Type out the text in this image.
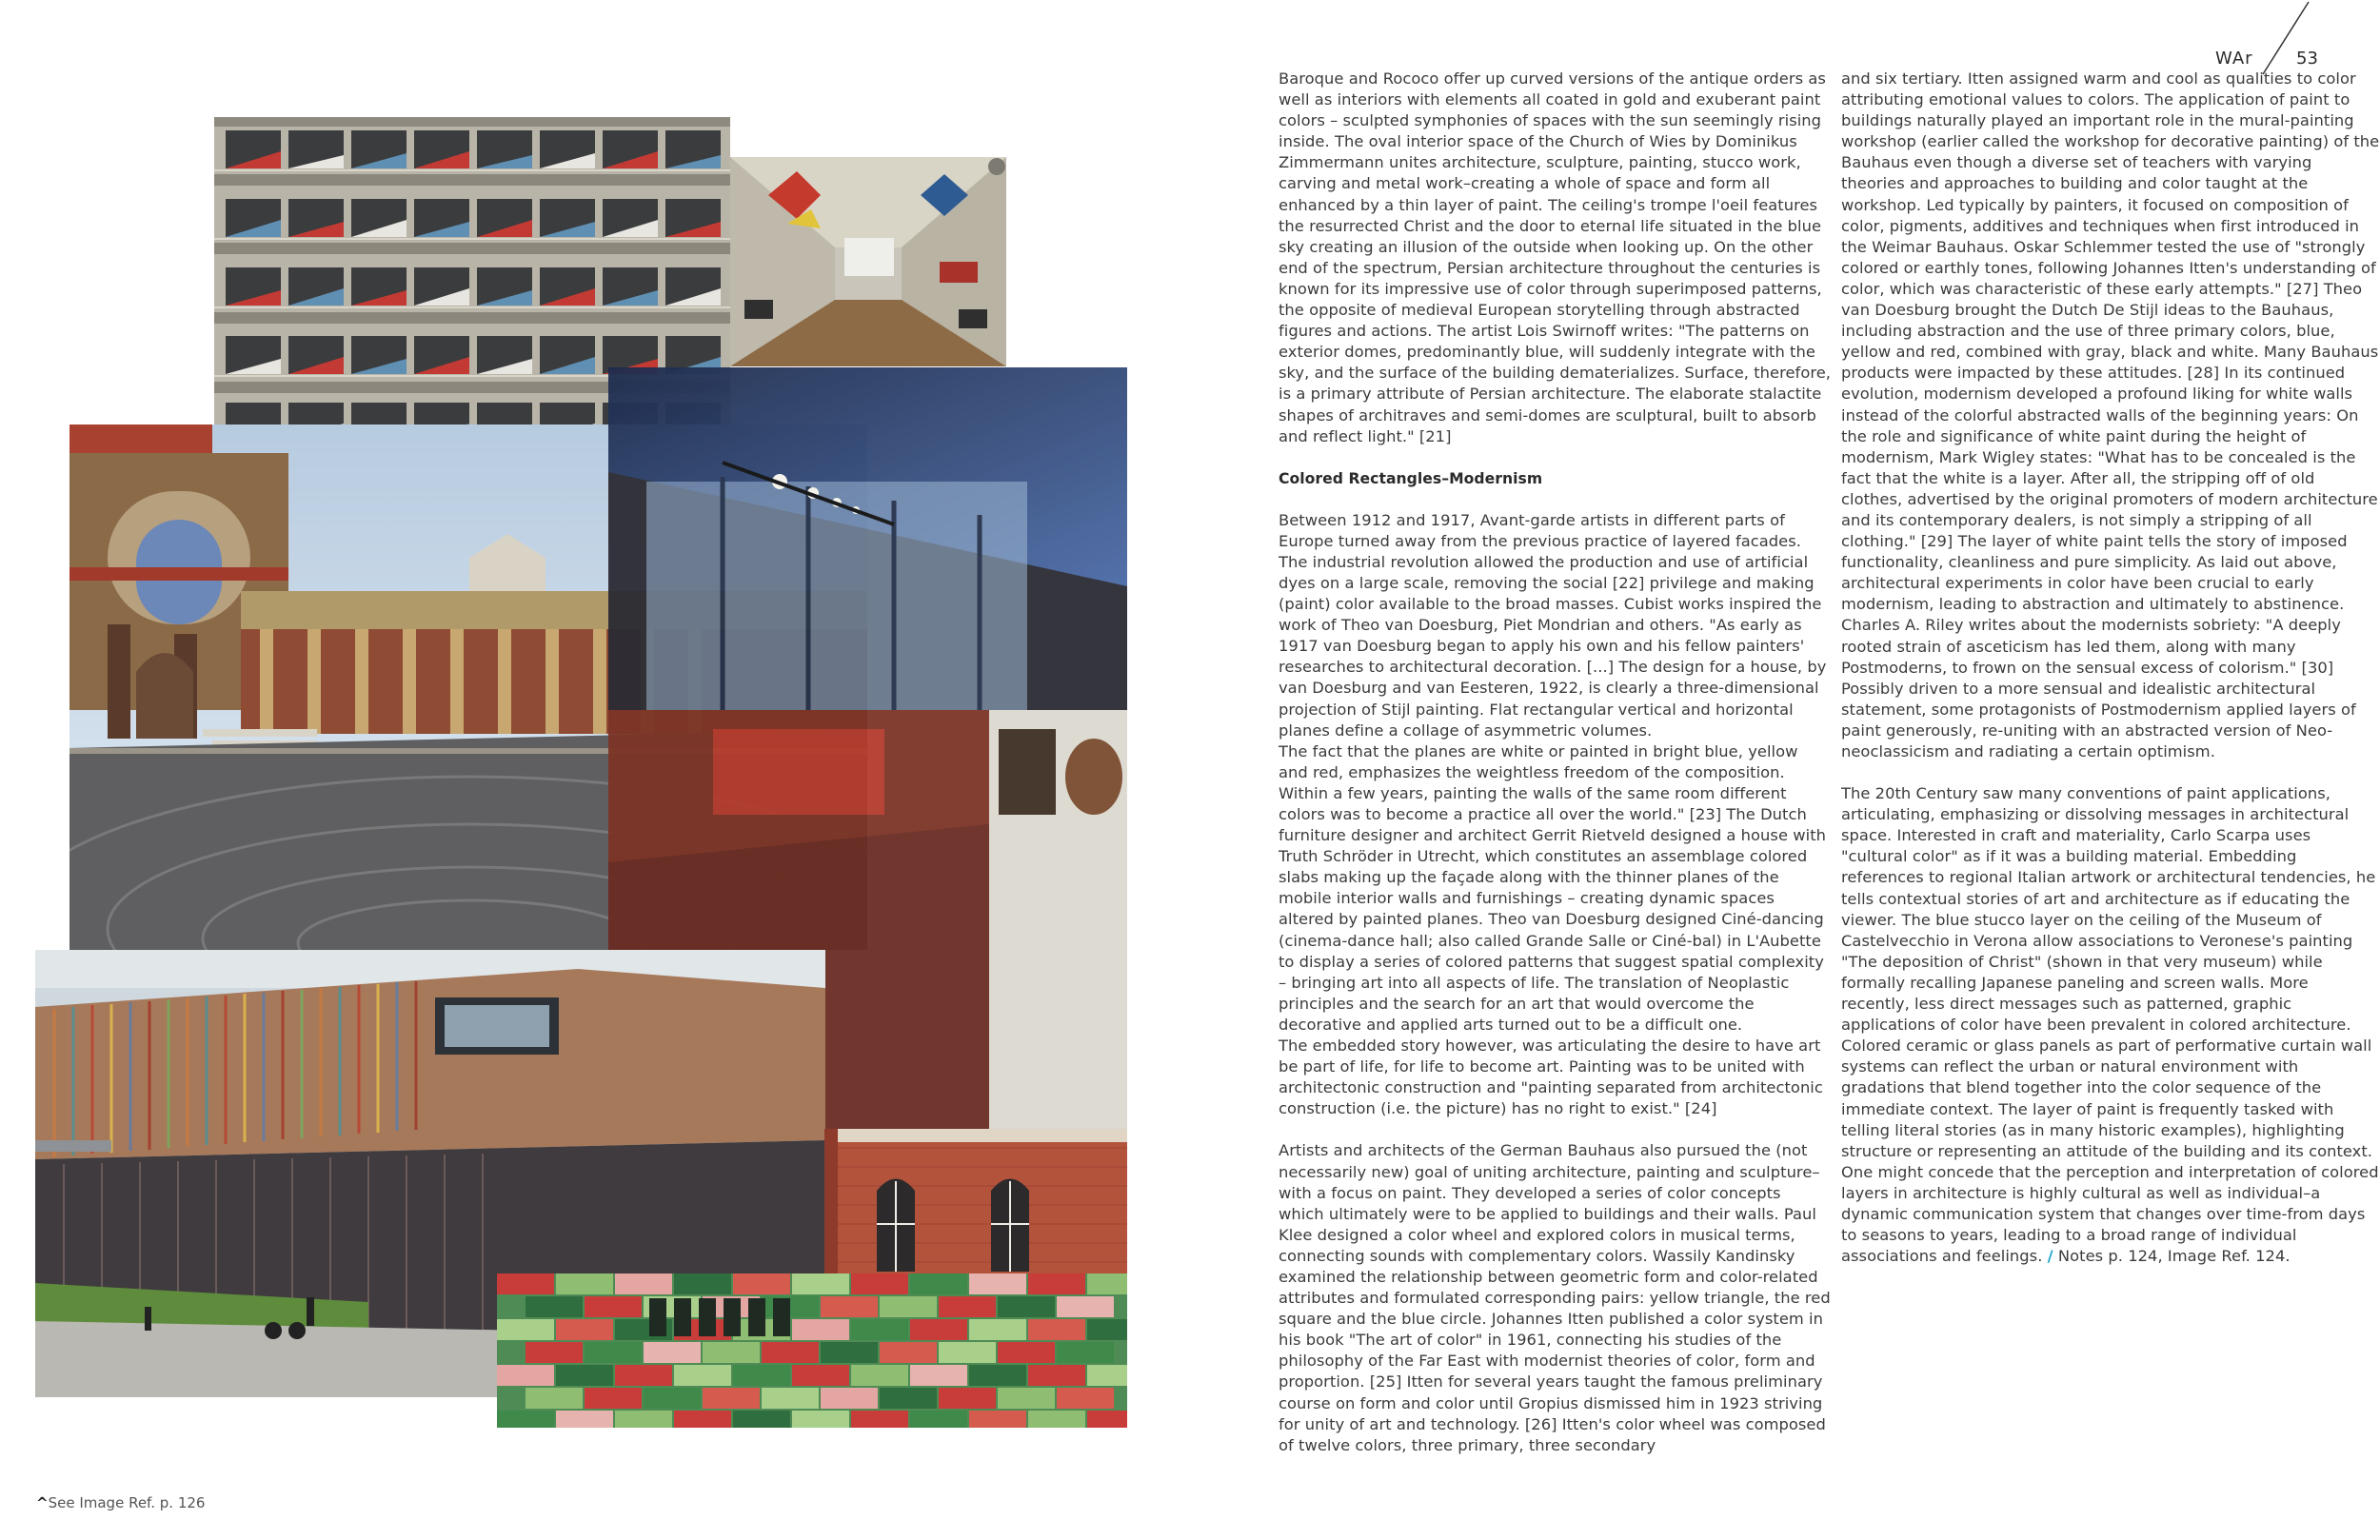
WAr	53

Baroque and Rococo offer up curved versions of the antique orders as well as interiors with elements all coated in gold and exuberant paint colors – sculpted symphonies of spaces with the sun seemingly rising inside. The oval interior space of the Church of Wies by Dominikus Zimmermann unites architecture, sculpture, painting, stucco work, carving and metal work–creating a whole of space and form all enhanced by a thin layer of paint. The ceiling's trompe l'oeil features the resurrected Christ and the door to eternal life situated in the blue sky creating an illusion of the outside when looking up. On the other end of the spectrum, Persian architecture throughout the centuries is known for its impressive use of color through superimposed patterns, the opposite of medieval European storytelling through abstracted figures and actions. The artist Lois Swirnoff writes: "The patterns on exterior domes, predominantly blue, will suddenly integrate with the sky, and the surface of the building dematerializes. Surface, therefore, is a primary attribute of Persian architecture. The elaborate stalactite shapes of architraves and semi-domes are sculptural, built to absorb and reflect light." [21]

Colored Rectangles–Modernism

Between 1912 and 1917, Avant-garde artists in different parts of Europe turned away from the previous practice of layered facades. The industrial revolution allowed the production and use of artificial dyes on a large scale, removing the social [22] privilege and making (paint) color available to the broad masses. Cubist works inspired the work of Theo van Doesburg, Piet Mondrian and others. "As early as 1917 van Doesburg began to apply his own and his fellow painters' researches to architectural decoration. [...] The design for a house, by van Doesburg and van Eesteren, 1922, is clearly a three-dimensional projection of Stijl painting. Flat rectangular vertical and horizontal planes define a collage of asymmetric volumes.

The fact that the planes are white or painted in bright blue, yellow and red, emphasizes the weightless freedom of the composition. Within a few years, painting the walls of the same room different colors was to become a practice all over the world." [23] The Dutch furniture designer and architect Gerrit Rietveld designed a house with Truth Schröder in Utrecht, which constitutes an assemblage colored slabs making up the façade along with the thinner planes of the mobile interior walls and furnishings – creating dynamic spaces altered by painted planes. Theo van Doesburg designed Ciné-dancing (cinema-dance hall; also called Grande Salle or Ciné-bal) in L'Aubette to display a series of colored patterns that suggest spatial complexity – bringing art into all aspects of life. The translation of Neoplastic principles and the search for an art that would overcome the decorative and applied arts turned out to be a difficult one.

The embedded story however, was articulating the desire to have art be part of life, for life to become art. Painting was to be united with architectonic construction and "painting separated from architectonic construction (i.e. the picture) has no right to exist." [24]

Artists and architects of the German Bauhaus also pursued the (not necessarily new) goal of uniting architecture, painting and sculpture– with a focus on paint. They developed a series of color concepts which ultimately were to be applied to buildings and their walls. Paul Klee designed a color wheel and explored colors in musical terms, connecting sounds with complementary colors. Wassily Kandinsky examined the relationship between geometric form and color-related attributes and formulated corresponding pairs: yellow triangle, the red square and the blue circle. Johannes Itten published a color system in his book "The art of color" in 1961, connecting his studies of the philosophy of the Far East with modernist theories of color, form and proportion. [25] Itten for several years taught the famous preliminary course on form and color until Gropius dismissed him in 1923 striving for unity of art and technology. [26] Itten's color wheel was composed of twelve colors, three primary, three secondary

and six tertiary. Itten assigned warm and cool as qualities to color attributing emotional values to colors. The application of paint to buildings naturally played an important role in the mural-painting workshop (earlier called the workshop for decorative painting) of the Bauhaus even though a diverse set of teachers with varying theories and approaches to building and color taught at the workshop. Led typically by painters, it focused on composition of color, pigments, additives and techniques when first introduced in the Weimar Bauhaus. Oskar Schlemmer tested the use of "strongly colored or earthly tones, following Johannes Itten's understanding of color, which was characteristic of these early attempts." [27] Theo van Doesburg brought the Dutch De Stijl ideas to the Bauhaus, including abstraction and the use of three primary colors, blue, yellow and red, combined with gray, black and white. Many Bauhaus products were impacted by these attitudes. [28] In its continued evolution, modernism developed a profound liking for white walls instead of the colorful abstracted walls of the beginning years: On the role and significance of white paint during the height of modernism, Mark Wigley states: "What has to be concealed is the fact that the white is a layer. After all, the stripping off of old clothes, advertised by the original promoters of modern architecture and its contemporary dealers, is not simply a stripping of all clothing." [29] The layer of white paint tells the story of imposed functionality, cleanliness and pure simplicity. As laid out above, architectural experiments in color have been crucial to early modernism, leading to abstraction and ultimately to abstinence. Charles A. Riley writes about the modernists sobriety: "A deeply rooted strain of asceticism has led them, along with many Postmoderns, to frown on the sensual excess of colorism." [30] Possibly driven to a more sensual and idealistic architectural statement, some protagonists of Postmodernism applied layers of paint generously, re-uniting with an abstracted version of Neo-neoclassicism and radiating a certain optimism.

The 20th Century saw many conventions of paint applications, articulating, emphasizing or dissolving messages in architectural space. Interested in craft and materiality, Carlo Scarpa uses "cultural color" as if it was a building material. Embedding references to regional Italian artwork or architectural tendencies, he tells contextual stories of art and architecture as if educating the viewer. The blue stucco layer on the ceiling of the Museum of Castelvecchio in Verona allow associations to Veronese's painting "The deposition of Christ" (shown in that very museum) while formally recalling Japanese paneling and screen walls. More recently, less direct messages such as patterned, graphic applications of color have been prevalent in colored architecture. Colored ceramic or glass panels as part of performative curtain wall systems can reflect the urban or natural environment with gradations that blend together into the color sequence of the immediate context. The layer of paint is frequently tasked with telling literal stories (as in many historic examples), highlighting structure or representing an attitude of the building and its context. One might concede that the perception and interpretation of colored layers in architecture is highly cultural as well as individual–a dynamic communication system that changes over time-from days to seasons to years, leading to a broad range of individual associations and feelings. / Notes p. 124, Image Ref. 124.

^See Image Ref. p. 126
